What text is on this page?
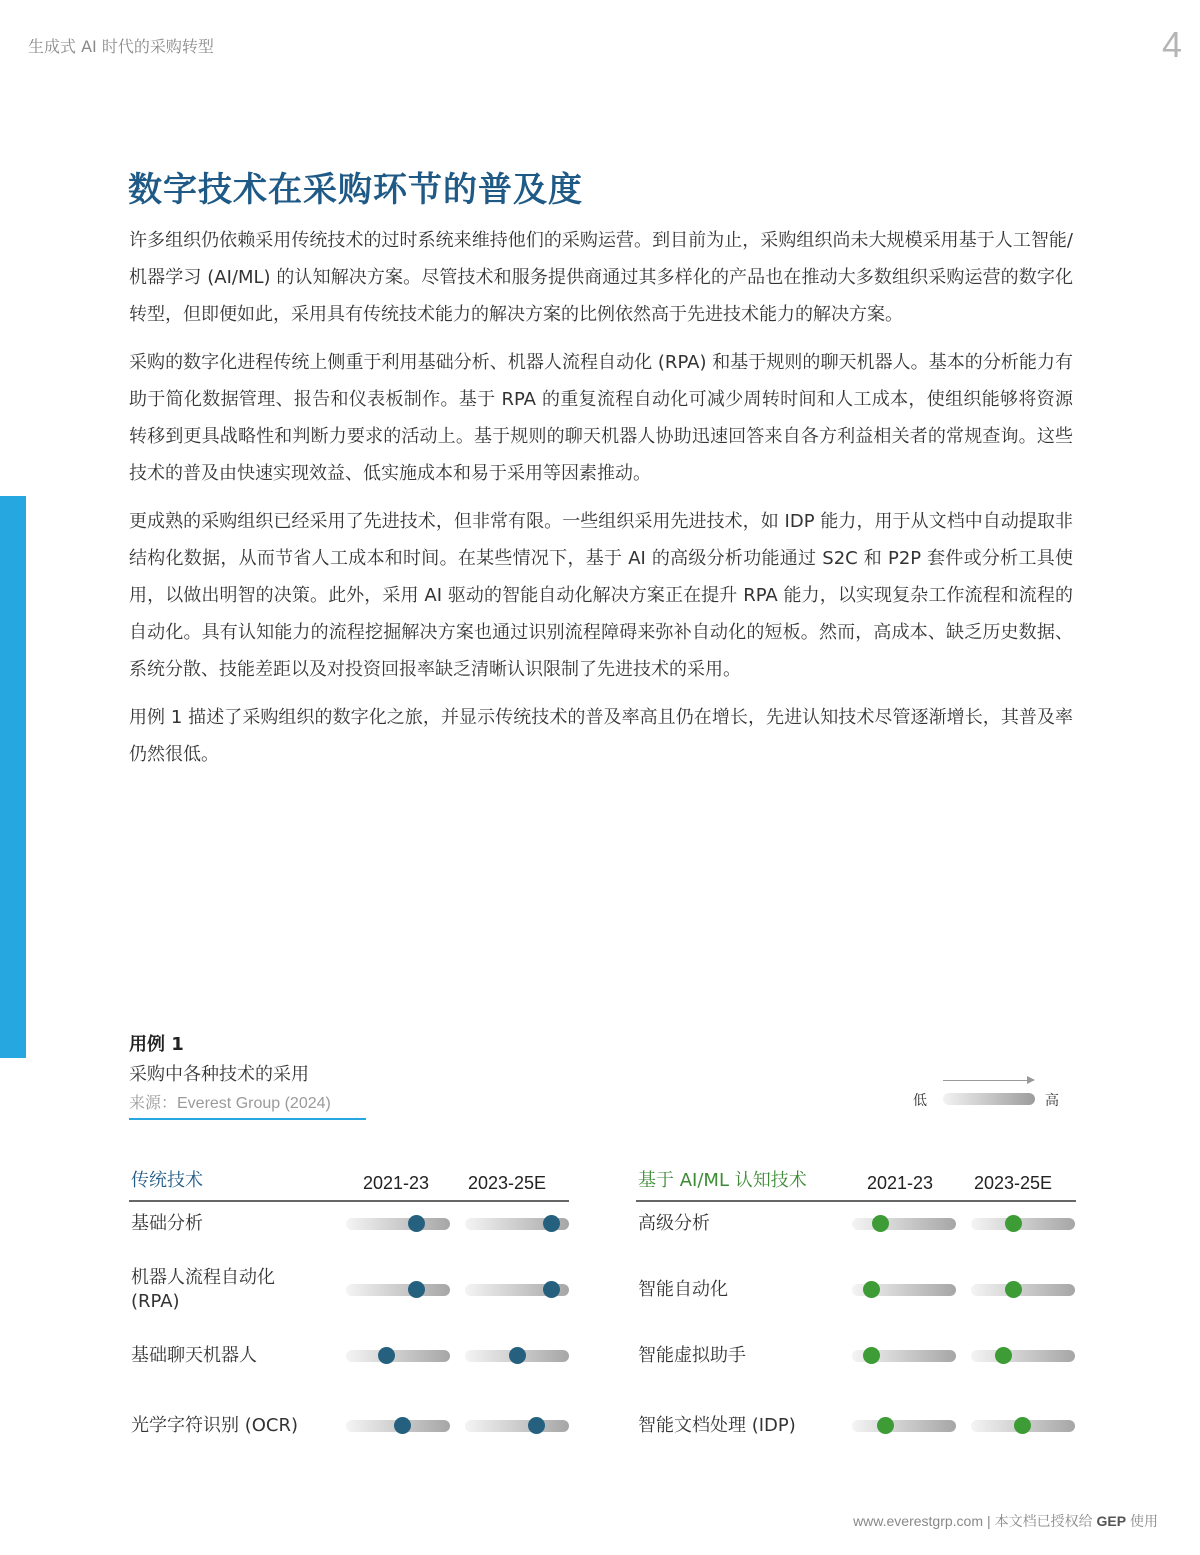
生成式 AI 时代的采购转型	4
数字技术在采购环节的普及度

许多组织仍依赖采用传统技术的过时系统来维持他们的采购运营。到目前为止，采购组织尚未大规模采用基于人工智能/机器学习 (AI/ML) 的认知解决方案。尽管技术和服务提供商通过其多样化的产品也在推动大多数组织采购运营的数字化转型，但即便如此，采用具有传统技术能力的解决方案的比例依然高于先进技术能力的解决方案。

采购的数字化进程传统上侧重于利用基础分析、机器人流程自动化 (RPA) 和基于规则的聊天机器人。基本的分析能力有助于简化数据管理、报告和仪表板制作。基于 RPA 的重复流程自动化可减少周转时间和人工成本，使组织能够将资源转移到更具战略性和判断力要求的活动上。基于规则的聊天机器人协助迅速回答来自各方利益相关者的常规查询。这些技术的普及由快速实现效益、低实施成本和易于采用等因素推动。

更成熟的采购组织已经采用了先进技术，但非常有限。一些组织采用先进技术，如 IDP 能力，用于从文档中自动提取非结构化数据，从而节省人工成本和时间。在某些情况下，基于 AI 的高级分析功能通过 S2C 和 P2P 套件或分析工具使用，以做出明智的决策。此外，采用 AI 驱动的智能自动化解决方案正在提升 RPA 能力，以实现复杂工作流程和流程的自动化。具有认知能力的流程挖掘解决方案也通过识别流程障碍来弥补自动化的短板。然而，高成本、缺乏历史数据、系统分散、技能差距以及对投资回报率缺乏清晰认识限制了先进技术的采用。

用例 1 描述了采购组织的数字化之旅，并显示传统技术的普及率高且仍在增长，先进认知技术尽管逐渐增长，其普及率仍然很低。

用例 1
采购中各种技术的采用
来源：Everest Group (2024)	低	高
传统技术	2021-23 2023-25E
基础分析
机器人流程自动化 (RPA)
基础聊天机器人
光学字符识别 (OCR)
基于 AI/ML 认知技术	2021-23 2023-25E
高级分析
智能自动化
智能虚拟助手
智能文档处理 (IDP)
www.everestgrp.com | 本文档已授权给 GEP 使用
